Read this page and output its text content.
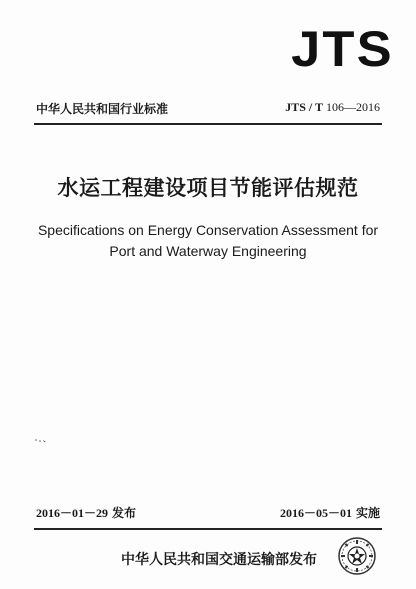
JTS
中华人民共和国行业标准	JTS / T 106—2016
水运工程建设项目节能评估规范
Specifications on Energy Conservation Assessment for
Port and Waterway Engineering
2016－01－29 发布	2016－05－01 实施
中华人民共和国交通运输部发布
